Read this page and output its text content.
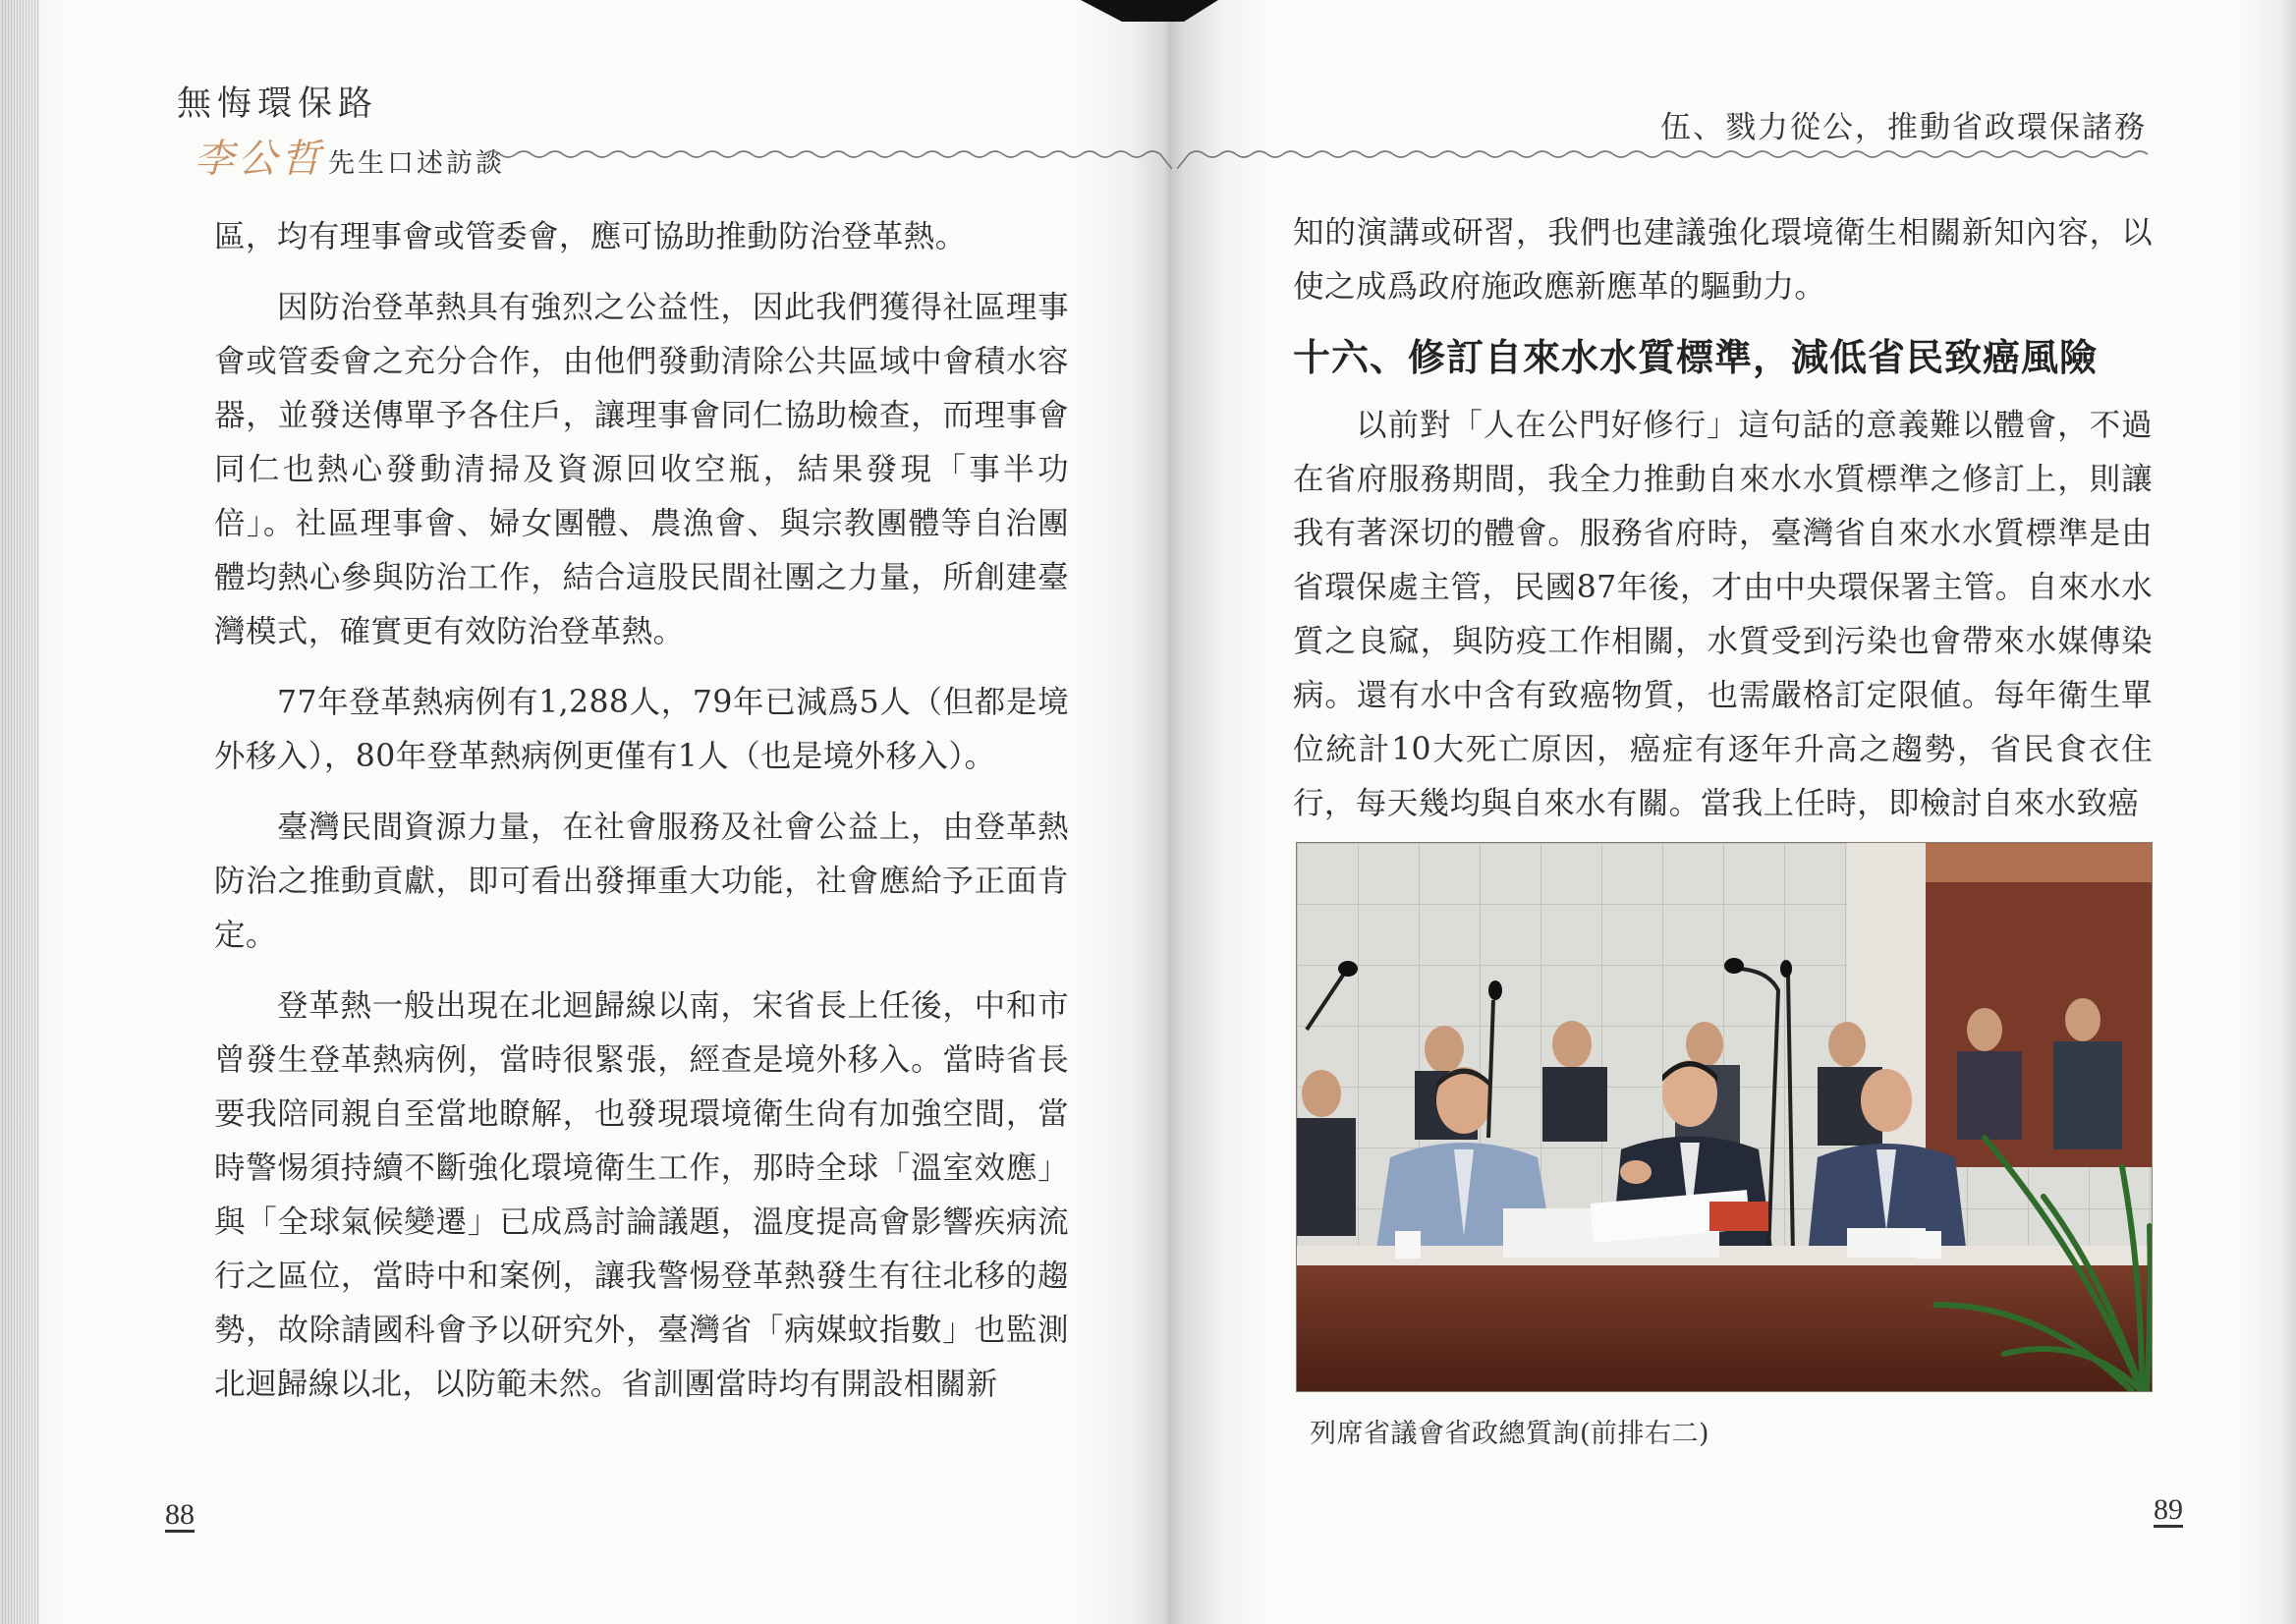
無悔環保路
李公哲 先生口述訪談
伍、戮力從公，推動省政環保諸務

區，均有理事會或管委會，應可協助推動防治登革熱。

因防治登革熱具有強烈之公益性，因此我們獲得社區理事會或管委會之充分合作，由他們發動清除公共區域中會積水容器，並發送傳單予各住戶，讓理事會同仁協助檢查，而理事會同仁也熱心發動清掃及資源回收空瓶，結果發現「事半功倍」。社區理事會、婦女團體、農漁會、與宗教團體等自治團體均熱心參與防治工作，結合這股民間社團之力量，所創建臺灣模式，確實更有效防治登革熱。

77年登革熱病例有1,288人，79年已減爲5人（但都是境外移入），80年登革熱病例更僅有1人（也是境外移入）。

臺灣民間資源力量，在社會服務及社會公益上，由登革熱防治之推動貢獻，即可看出發揮重大功能，社會應給予正面肯定。

登革熱一般出現在北迴歸線以南，宋省長上任後，中和市曾發生登革熱病例，當時很緊張，經查是境外移入。當時省長要我陪同親自至當地瞭解，也發現環境衛生尙有加強空間，當時警惕須持續不斷強化環境衛生工作，那時全球「溫室效應」與「全球氣候變遷」已成爲討論議題，溫度提高會影響疾病流行之區位，當時中和案例，讓我警惕登革熱發生有往北移的趨勢，故除請國科會予以研究外，臺灣省「病媒蚊指數」也監測北迴歸線以北，以防範未然。省訓團當時均有開設相關新

知的演講或研習，我們也建議強化環境衛生相關新知內容，以使之成爲政府施政應新應革的驅動力。

十六、修訂自來水水質標準，減低省民致癌風險

以前對「人在公門好修行」這句話的意義難以體會，不過在省府服務期間，我全力推動自來水水質標準之修訂上，則讓我有著深切的體會。服務省府時，臺灣省自來水水質標準是由省環保處主管，民國87年後，才由中央環保署主管。自來水水質之良窳，與防疫工作相關，水質受到污染也會帶來水媒傳染病。還有水中含有致癌物質，也需嚴格訂定限値。每年衛生單位統計10大死亡原因，癌症有逐年升高之趨勢，省民食衣住行，每天幾均與自來水有關。當我上任時，即檢討自來水致癌

列席省議會省政總質詢(前排右二)
88	89
